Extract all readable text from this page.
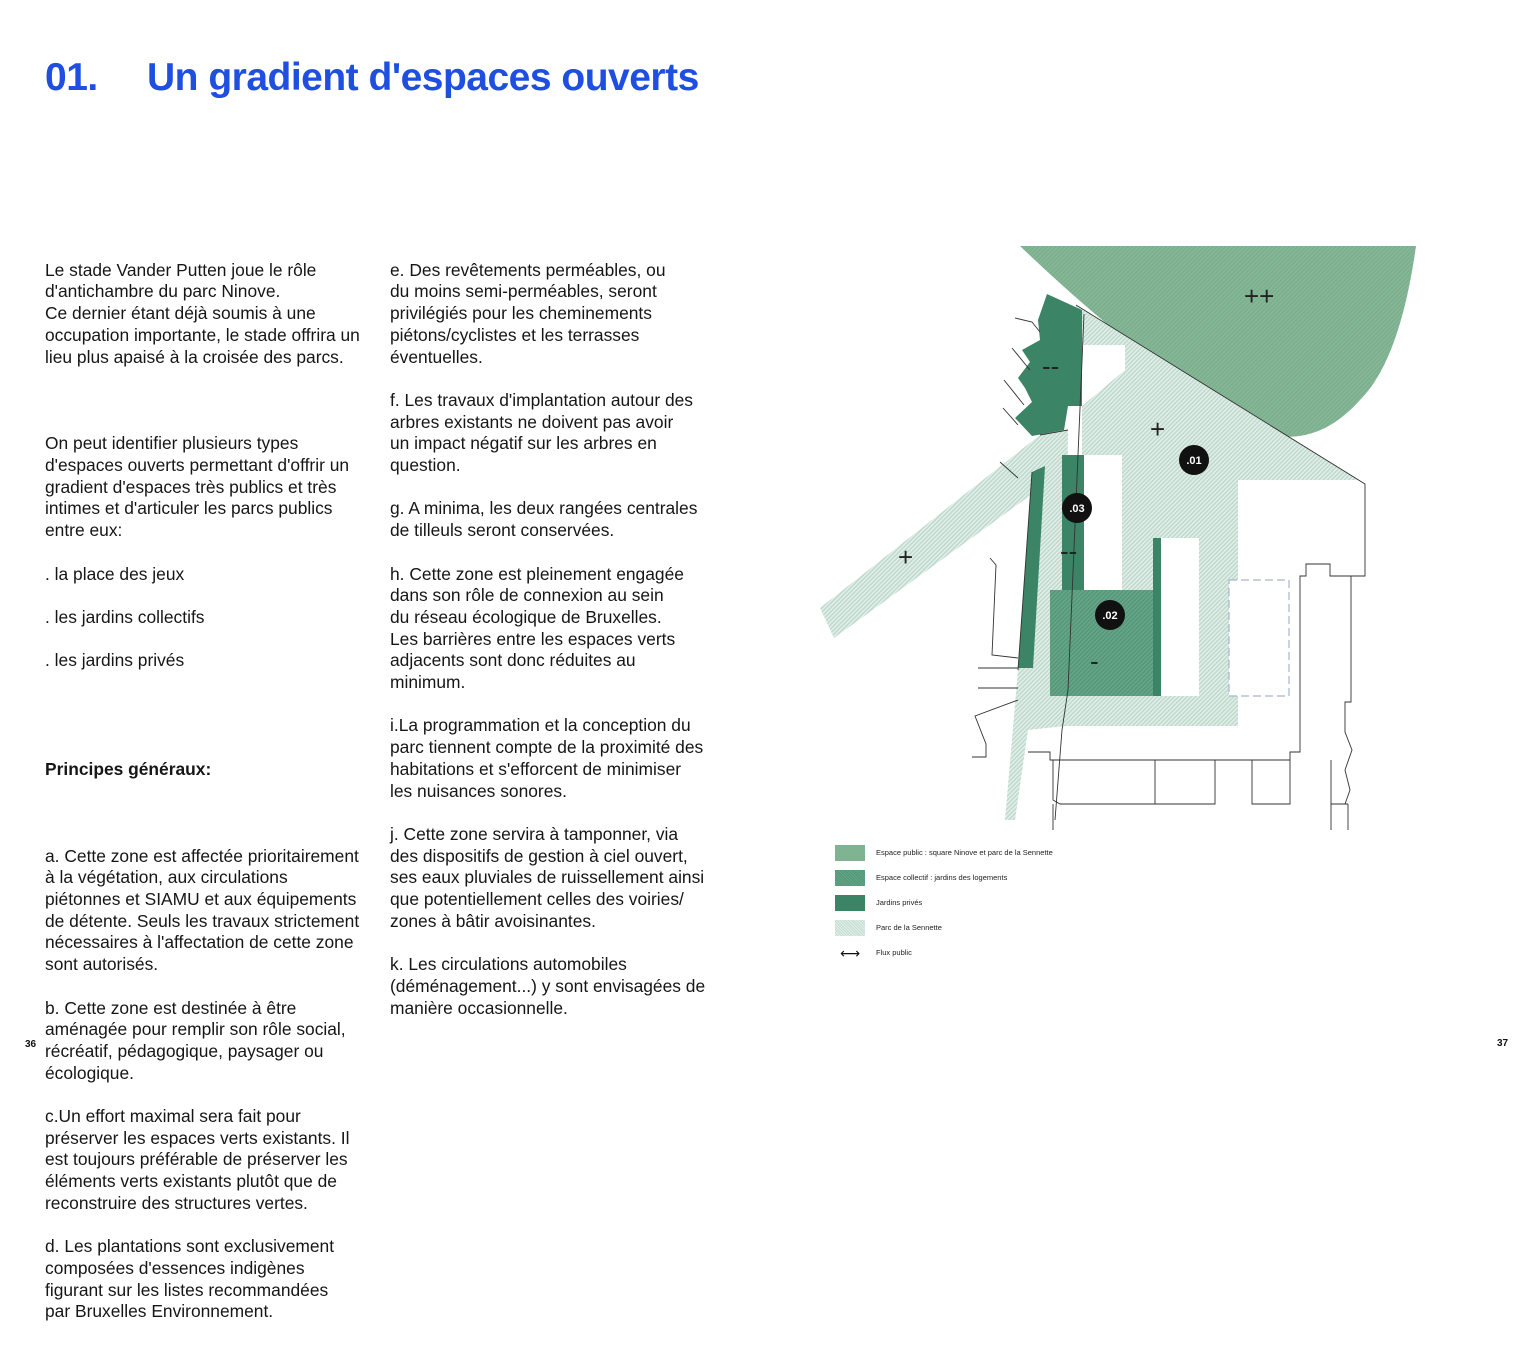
01. Un gradient d'espaces ouverts

Le stade Vander Putten joue le rôle
d'antichambre du parc Ninove.
Ce dernier étant déjà soumis à une
occupation importante, le stade offrira un
lieu plus apaisé à la croisée des parcs.

On peut identifier plusieurs types
d'espaces ouverts permettant d'offrir un
gradient d'espaces très publics et très
intimes et d'articuler les parcs publics
entre eux:

. la place des jeux

. les jardins collectifs

. les jardins privés

Principes généraux:

a. Cette zone est affectée prioritairement
à la végétation, aux circulations
piétonnes et SIAMU et aux équipements
de détente. Seuls les travaux strictement
nécessaires à l'affectation de cette zone
sont autorisés.

b. Cette zone est destinée à être
aménagée pour remplir son rôle social,
récréatif, pédagogique, paysager ou
écologique.

c.Un effort maximal sera fait pour
préserver les espaces verts existants. Il
est toujours préférable de préserver les
éléments verts existants plutôt que de
reconstruire des structures vertes.

d. Les plantations sont exclusivement
composées d'essences indigènes
figurant sur les listes recommandées
par Bruxelles Environnement.

e. Des revêtements perméables, ou
du moins semi-perméables, seront
privilégiés pour les cheminements
piétons/cyclistes et les terrasses
éventuelles.

f. Les travaux d'implantation autour des
arbres existants ne doivent pas avoir
un impact négatif sur les arbres en
question.

g. A minima, les deux rangées centrales
de tilleuls seront conservées.

h. Cette zone est pleinement engagée
dans son rôle de connexion au sein
du réseau écologique de Bruxelles.
Les barrières entre les espaces verts
adjacents sont donc réduites au
minimum.

i.La programmation et la conception du
parc tiennent compte de la proximité des
habitations et s'efforcent de minimiser
les nuisances sonores.

j. Cette zone servira à tamponner, via
des dispositifs de gestion à ciel ouvert,
ses eaux pluviales de ruissellement ainsi
que potentiellement celles des voiries/
zones à bâtir avoisinantes.

k. Les circulations automobiles
(déménagement...) y sont envisagées de
manière occasionnelle.

++
+
+
--
--
-
.01
.03
.02
Espace public : square Ninove et parc de la Sennette
Espace collectif : jardins des logements
Jardins privés
Parc de la Sennette
⟷	Flux public
36	37
